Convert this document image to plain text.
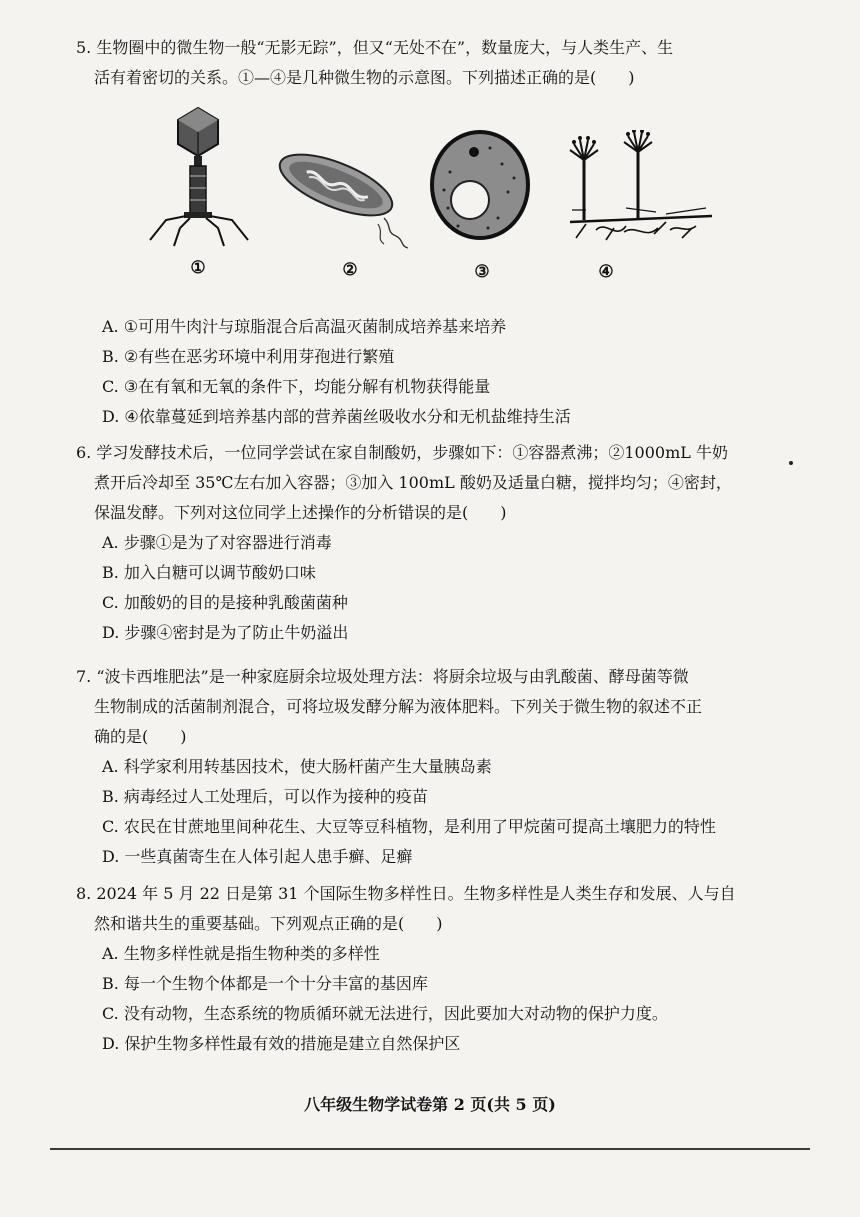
5. 生物圈中的微生物一般“无影无踪”，但又“无处不在”，数量庞大，与人类生产、生
活有着密切的关系。①—④是几种微生物的示意图。下列描述正确的是(　　)
①	②	③	④
A. ①可用牛肉汁与琼脂混合后高温灭菌制成培养基来培养
B. ②有些在恶劣环境中利用芽孢进行繁殖
C. ③在有氧和无氧的条件下，均能分解有机物获得能量
D. ④依靠蔓延到培养基内部的营养菌丝吸收水分和无机盐维持生活
6. 学习发酵技术后，一位同学尝试在家自制酸奶，步骤如下：①容器煮沸；②1000mL 牛奶
煮开后冷却至 35℃左右加入容器；③加入 100mL 酸奶及适量白糖，搅拌均匀；④密封，
保温发酵。下列对这位同学上述操作的分析错误的是(　　)
A. 步骤①是为了对容器进行消毒
B. 加入白糖可以调节酸奶口味
C. 加酸奶的目的是接种乳酸菌菌种
D. 步骤④密封是为了防止牛奶溢出
7. “波卡西堆肥法”是一种家庭厨余垃圾处理方法：将厨余垃圾与由乳酸菌、酵母菌等微
生物制成的活菌制剂混合，可将垃圾发酵分解为液体肥料。下列关于微生物的叙述不正
确的是(　　)
A. 科学家利用转基因技术，使大肠杆菌产生大量胰岛素
B. 病毒经过人工处理后，可以作为接种的疫苗
C. 农民在甘蔗地里间种花生、大豆等豆科植物，是利用了甲烷菌可提高土壤肥力的特性
D. 一些真菌寄生在人体引起人患手癣、足癣
8. 2024 年 5 月 22 日是第 31 个国际生物多样性日。生物多样性是人类生存和发展、人与自
然和谐共生的重要基础。下列观点正确的是(　　)
A. 生物多样性就是指生物种类的多样性
B. 每一个生物个体都是一个十分丰富的基因库
C. 没有动物，生态系统的物质循环就无法进行，因此要加大对动物的保护力度。
D. 保护生物多样性最有效的措施是建立自然保护区
八年级生物学试卷第 2 页(共 5 页)
